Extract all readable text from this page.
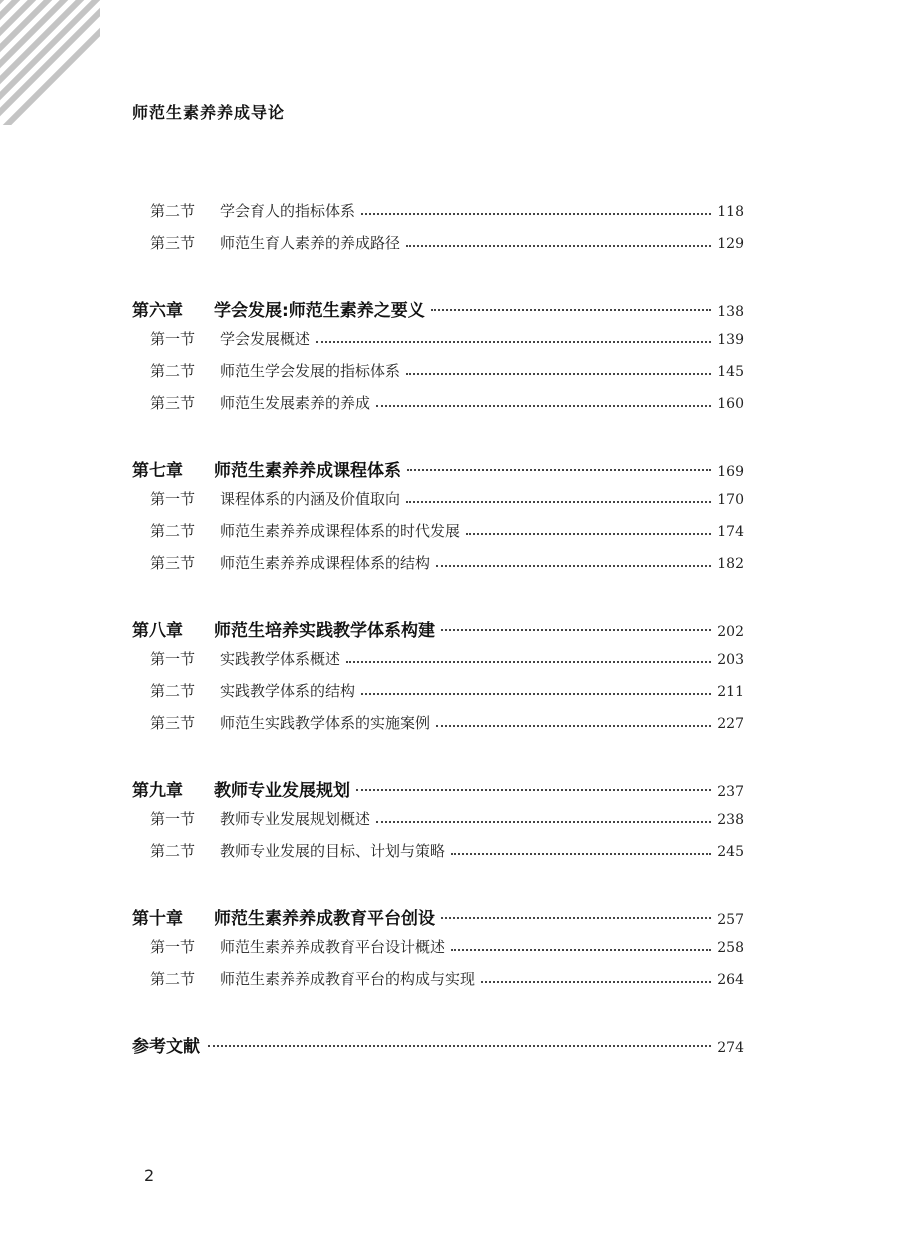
师范生素养养成导论
第二节	学会育人的指标体系	118
第三节	师范生育人素养的养成路径	129
第六章	学会发展:师范生素养之要义	138
第一节	学会发展概述	139
第二节	师范生学会发展的指标体系	145
第三节	师范生发展素养的养成	160
第七章	师范生素养养成课程体系	169
第一节	课程体系的内涵及价值取向	170
第二节	师范生素养养成课程体系的时代发展	174
第三节	师范生素养养成课程体系的结构	182
第八章	师范生培养实践教学体系构建	202
第一节	实践教学体系概述	203
第二节	实践教学体系的结构	211
第三节	师范生实践教学体系的实施案例	227
第九章	教师专业发展规划	237
第一节	教师专业发展规划概述	238
第二节	教师专业发展的目标、计划与策略	245
第十章	师范生素养养成教育平台创设	257
第一节	师范生素养养成教育平台设计概述	258
第二节	师范生素养养成教育平台的构成与实现	264
参考文献	274
2
